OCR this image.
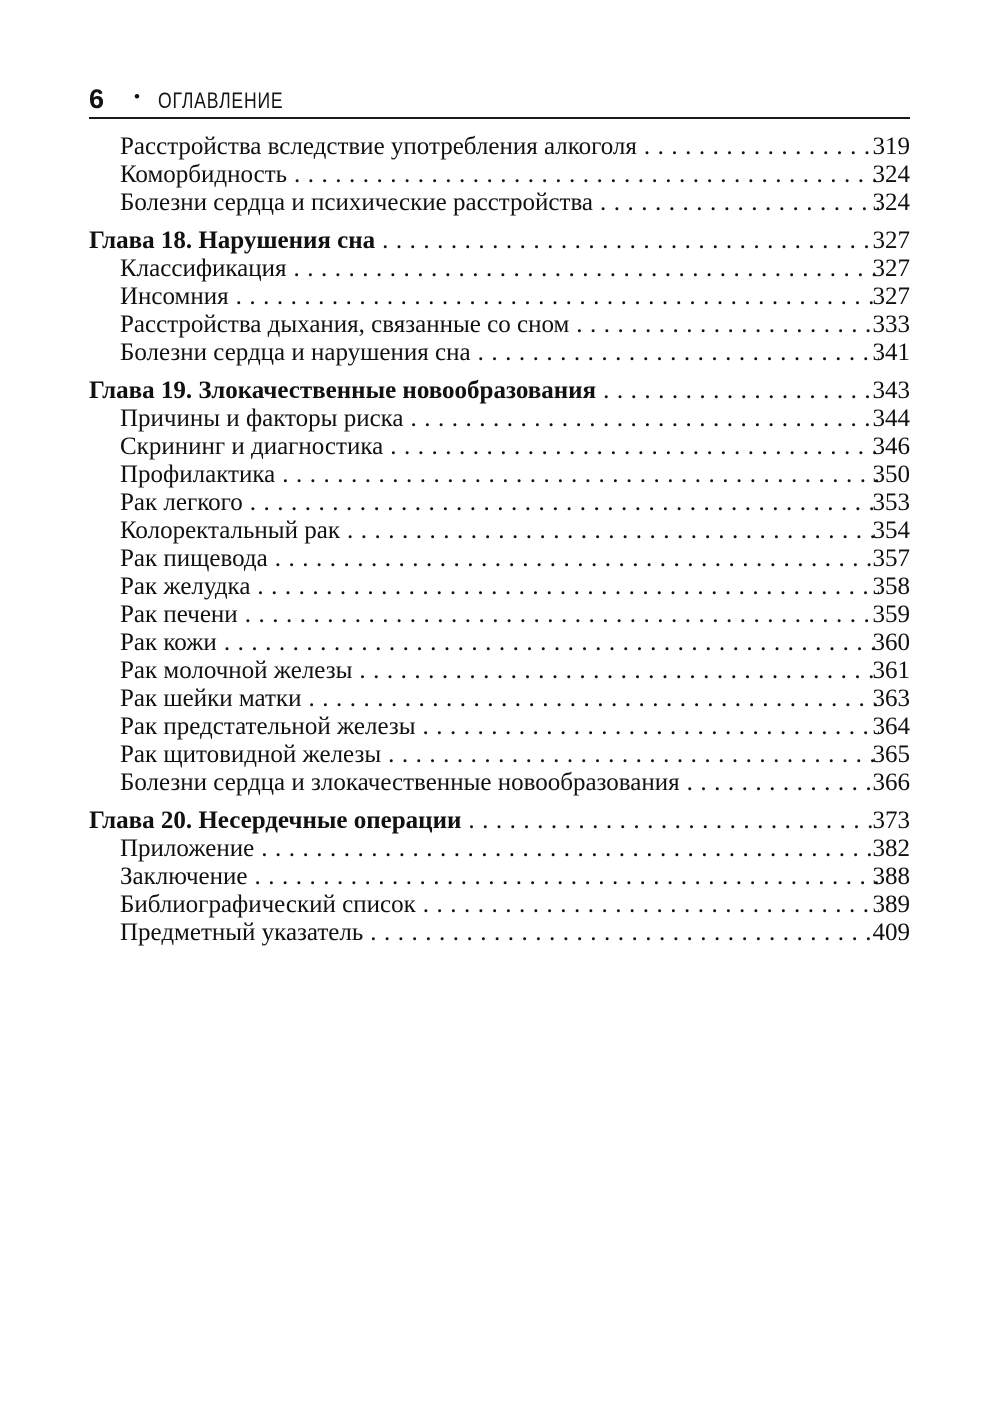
6 • ОГЛАВЛЕНИЕ
Расстройства вследствие употребления алкоголя .....	319
Коморбидность .....	324
Болезни сердца и психические расстройства .....	324
Глава 18. Нарушения сна .....	327
Классификация .....	327
Инсомния .....	327
Расстройства дыхания, связанные со сном .....	333
Болезни сердца и нарушения сна .....	341
Глава 19. Злокачественные новообразования .....	343
Причины и факторы риска .....	344
Скрининг и диагностика .....	346
Профилактика .....	350
Рак легкого .....	353
Колоректальный рак .....	354
Рак пищевода .....	357
Рак желудка .....	358
Рак печени .....	359
Рак кожи .....	360
Рак молочной железы .....	361
Рак шейки матки .....	363
Рак предстательной железы .....	364
Рак щитовидной железы .....	365
Болезни сердца и злокачественные новообразования .....	366
Глава 20. Несердечные операции .....	373
Приложение .....	382
Заключение .....	388
Библиографический список .....	389
Предметный указатель .....	409
